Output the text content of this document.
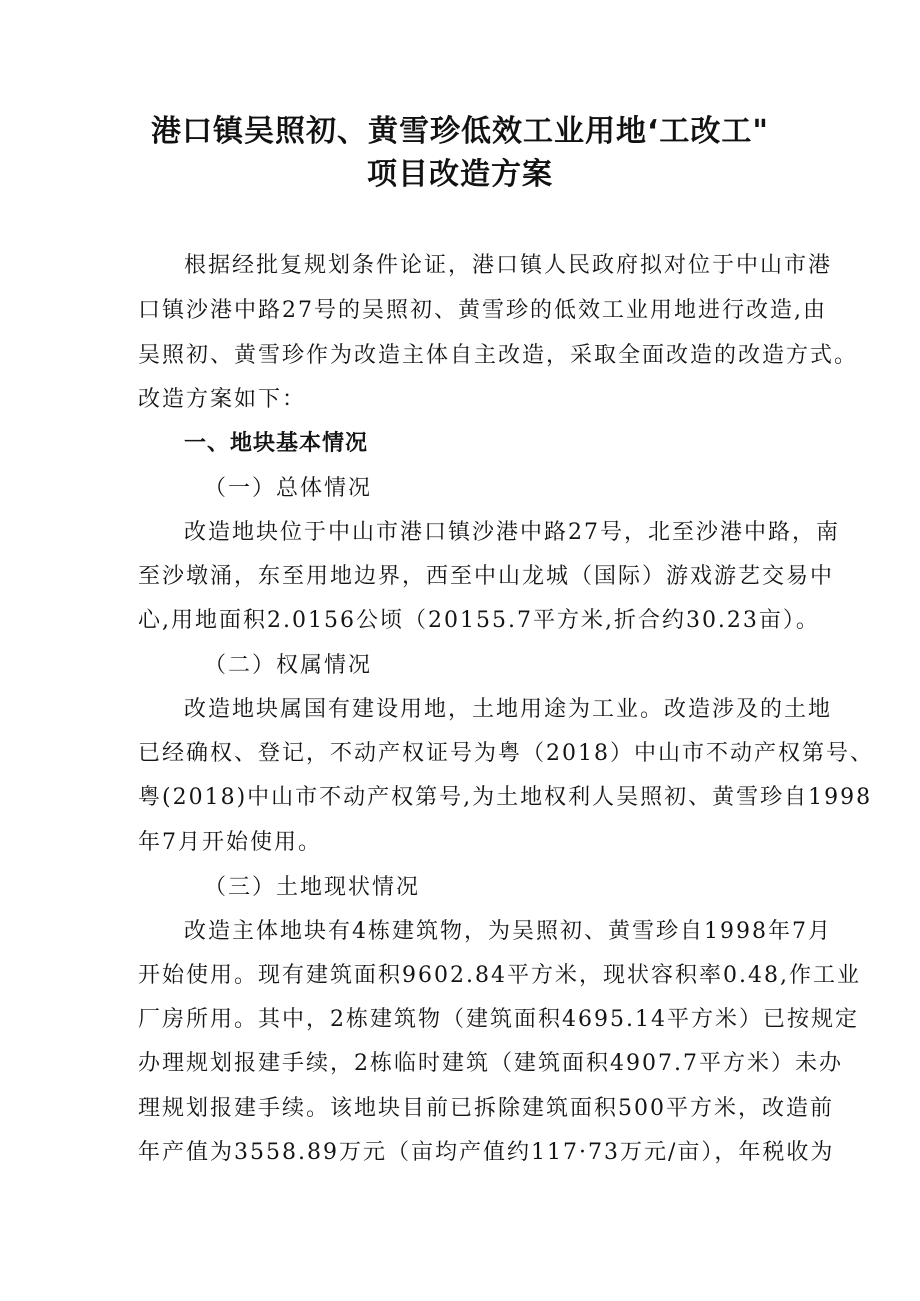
港口镇吴照初、黄雪珍低效工业用地‘工改工"
项目改造方案
根据经批复规划条件论证，港口镇人民政府拟对位于中山市港
口镇沙港中路27号的吴照初、黄雪珍的低效工业用地进行改造,由
吴照初、黄雪珍作为改造主体自主改造，采取全面改造的改造方式。
改造方案如下：
一、地块基本情况
（一）总体情况
改造地块位于中山市港口镇沙港中路27号，北至沙港中路，南
至沙墩涌，东至用地边界，西至中山龙城（国际）游戏游艺交易中
心,用地面积2.0156公顷（20155.7平方米,折合约30.23亩）。
（二）权属情况
改造地块属国有建设用地，土地用途为工业。改造涉及的土地
已经确权、登记，不动产权证号为粤（2018）中山市不动产权第号、
粤(2018)中山市不动产权第号,为土地权利人吴照初、黄雪珍自1998
年7月开始使用。
（三）土地现状情况
改造主体地块有4栋建筑物，为吴照初、黄雪珍自1998年7月
开始使用。现有建筑面积9602.84平方米，现状容积率0.48,作工业
厂房所用。其中，2栋建筑物（建筑面积4695.14平方米）已按规定
办理规划报建手续，2栋临时建筑（建筑面积4907.7平方米）未办
理规划报建手续。该地块目前已拆除建筑面积500平方米，改造前
年产值为3558.89万元（亩均产值约117·73万元/亩），年税收为
